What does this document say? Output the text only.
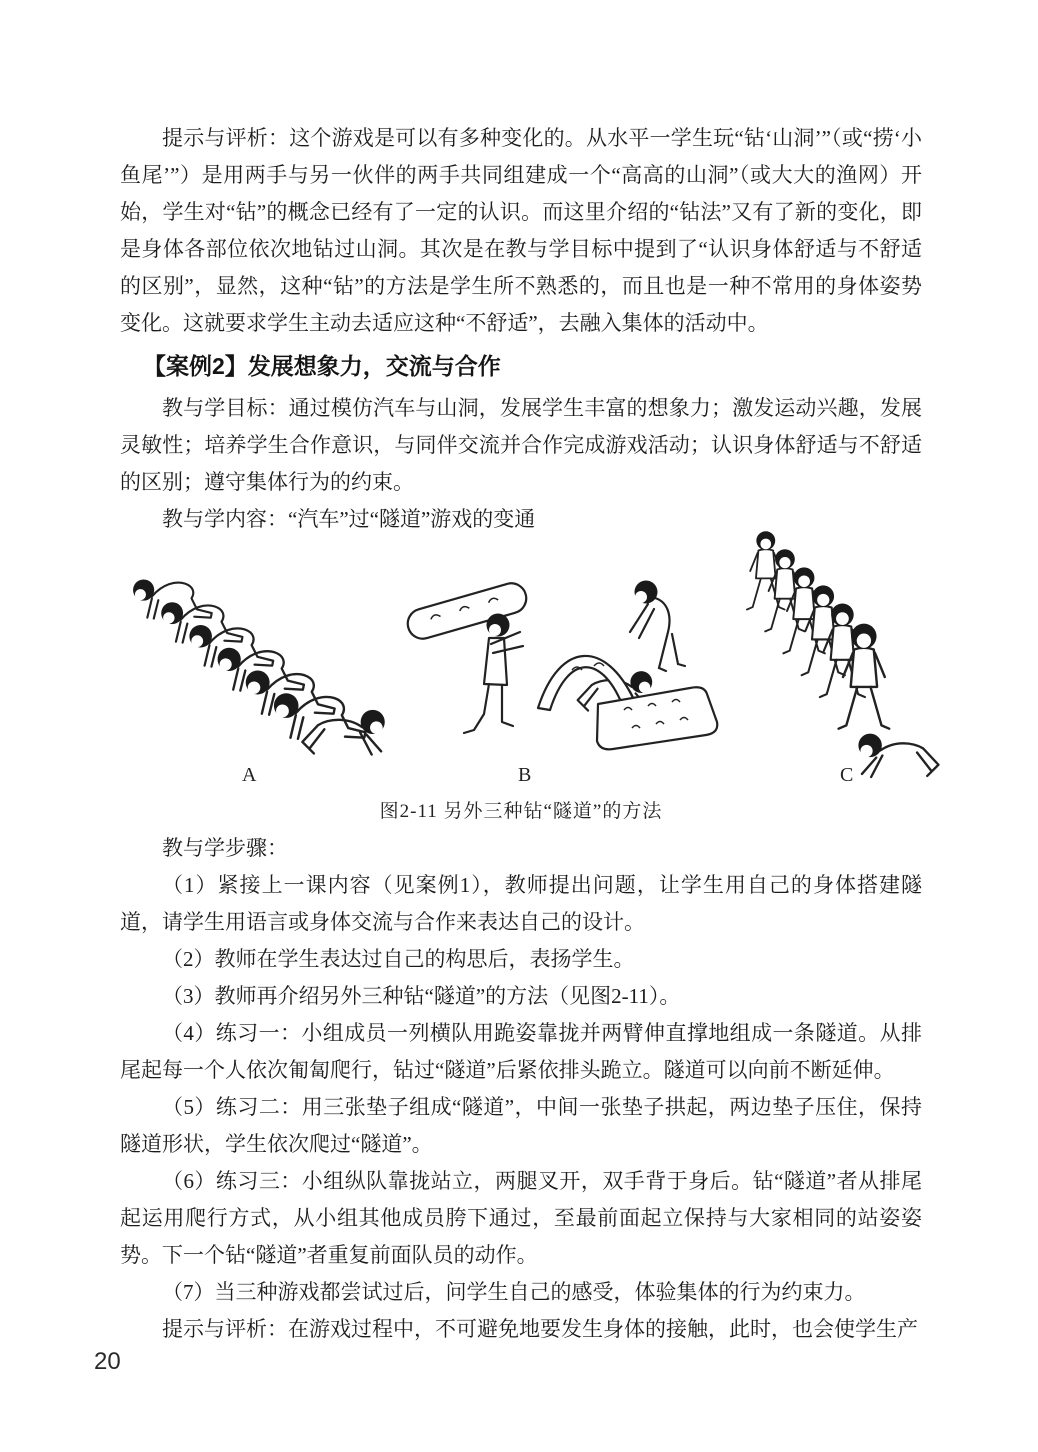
提示与评析：这个游戏是可以有多种变化的。从水平一学生玩“钻‘山洞’”（或“捞‘小鱼尾’”）是用两手与另一伙伴的两手共同组建成一个“高高的山洞”（或大大的渔网）开始，学生对“钻”的概念已经有了一定的认识。而这里介绍的“钻法”又有了新的变化，即是身体各部位依次地钻过山洞。其次是在教与学目标中提到了“认识身体舒适与不舒适的区别”，显然，这种“钻”的方法是学生所不熟悉的，而且也是一种不常用的身体姿势变化。这就要求学生主动去适应这种“不舒适”，去融入集体的活动中。

【案例2】发展想象力，交流与合作

教与学目标：通过模仿汽车与山洞，发展学生丰富的想象力；激发运动兴趣，发展灵敏性；培养学生合作意识，与同伴交流并合作完成游戏活动；认识身体舒适与不舒适的区别；遵守集体行为的约束。

教与学内容：“汽车”过“隧道”游戏的变通

A	B	C
图2-11 另外三种钻“隧道”的方法

教与学步骤：

（1）紧接上一课内容（见案例1），教师提出问题，让学生用自己的身体搭建隧道，请学生用语言或身体交流与合作来表达自己的设计。

（2）教师在学生表达过自己的构思后，表扬学生。

（3）教师再介绍另外三种钻“隧道”的方法（见图2-11）。

（4）练习一：小组成员一列横队用跪姿靠拢并两臂伸直撑地组成一条隧道。从排尾起每一个人依次匍匐爬行，钻过“隧道”后紧依排头跪立。隧道可以向前不断延伸。

（5）练习二：用三张垫子组成“隧道”，中间一张垫子拱起，两边垫子压住，保持隧道形状，学生依次爬过“隧道”。

（6）练习三：小组纵队靠拢站立，两腿叉开，双手背于身后。钻“隧道”者从排尾起运用爬行方式，从小组其他成员胯下通过，至最前面起立保持与大家相同的站姿姿势。下一个钻“隧道”者重复前面队员的动作。

（7）当三种游戏都尝试过后，问学生自己的感受，体验集体的行为约束力。

提示与评析：在游戏过程中，不可避免地要发生身体的接触，此时，也会使学生产

20
